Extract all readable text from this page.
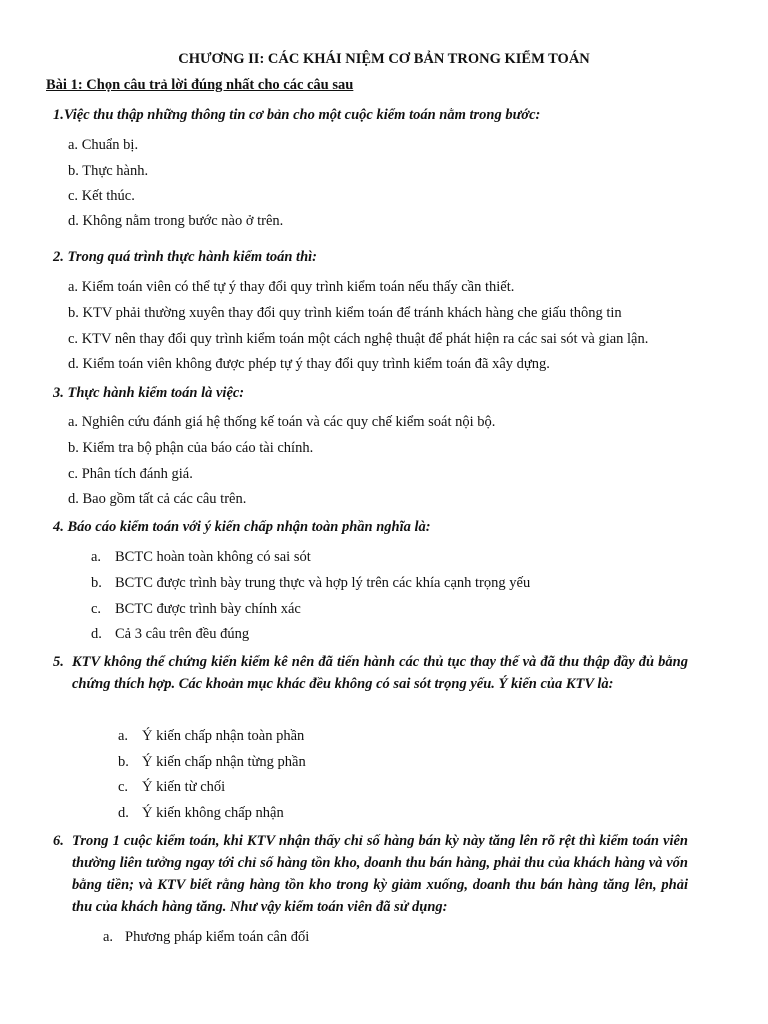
CHƯƠNG II: CÁC KHÁI NIỆM CƠ BẢN TRONG KIỂM TOÁN
Bài 1: Chọn câu trả lời đúng nhất cho các câu sau
1.Việc thu thập những thông tin cơ bản cho một cuộc kiểm toán nằm trong bước:
a. Chuẩn bị.
b. Thực hành.
c. Kết thúc.
d. Không nằm trong bước nào ở trên.
2. Trong quá trình thực hành kiểm toán thì:
a. Kiểm toán viên có thể tự ý thay đổi quy trình kiểm toán nếu thấy cần thiết.
b. KTV phải thường xuyên thay đổi quy trình kiểm toán để tránh khách hàng che giấu thông tin
c. KTV nên thay đổi quy trình kiểm toán một cách nghệ thuật để phát hiện ra các sai sót và gian lận.
d. Kiểm toán viên không được phép tự ý thay đổi quy trình kiểm toán đã xây dựng.
3. Thực hành kiểm toán là việc:
a. Nghiên cứu đánh giá hệ thống kế toán và các quy chế kiểm soát nội bộ.
b. Kiểm tra bộ phận của báo cáo tài chính.
c. Phân tích đánh giá.
d. Bao gồm tất cả các câu trên.
4. Báo cáo kiểm toán với ý kiến chấp nhận toàn phần nghĩa là:
a. BCTC hoàn toàn không có sai sót
b. BCTC được trình bày trung thực và hợp lý trên các khía cạnh trọng yếu
c. BCTC được trình bày chính xác
d. Cả 3 câu trên đều đúng
5. KTV không thể chứng kiến kiểm kê nên đã tiến hành các thủ tục thay thế và đã thu thập đầy đủ bằng chứng thích hợp. Các khoản mục khác đều không có sai sót trọng yếu. Ý kiến của KTV là:
a. Ý kiến chấp nhận toàn phần
b. Ý kiến chấp nhận từng phần
c. Ý kiến từ chối
d. Ý kiến không chấp nhận
6. Trong 1 cuộc kiểm toán, khi KTV nhận thấy chỉ số hàng bán kỳ này tăng lên rõ rệt thì kiểm toán viên thường liên tưởng ngay tới chỉ số hàng tồn kho, doanh thu bán hàng, phải thu của khách hàng và vốn bằng tiền; và KTV biết rằng hàng tồn kho trong kỳ giảm xuống, doanh thu bán hàng tăng lên, phải thu của khách hàng tăng. Như vậy kiểm toán viên đã sử dụng:
a. Phương pháp kiểm toán cân đối
